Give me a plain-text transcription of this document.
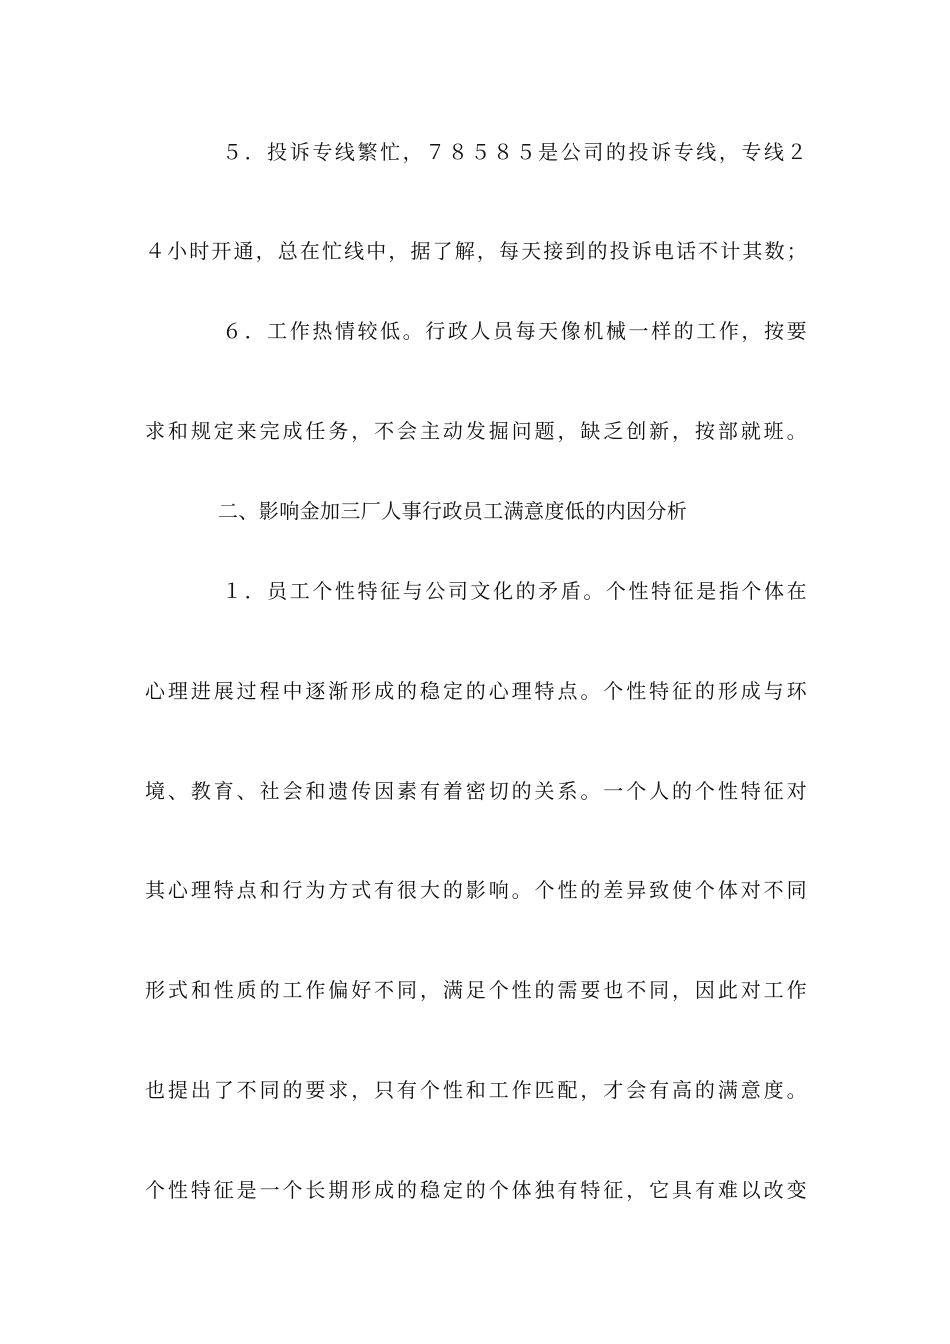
５．投诉专线繁忙，７８５８５是公司的投诉专线，专线２
４小时开通，总在忙线中，据了解，每天接到的投诉电话不计其数；
６．工作热情较低。行政人员每天像机械一样的工作，按要
求和规定来完成任务，不会主动发掘问题，缺乏创新，按部就班。
二、影响金加三厂人事行政员工满意度低的内因分析
１．员工个性特征与公司文化的矛盾。个性特征是指个体在
心理进展过程中逐渐形成的稳定的心理特点。个性特征的形成与环
境、教育、社会和遗传因素有着密切的关系。一个人的个性特征对
其心理特点和行为方式有很大的影响。个性的差异致使个体对不同
形式和性质的工作偏好不同，满足个性的需要也不同，因此对工作
也提出了不同的要求，只有个性和工作匹配，才会有高的满意度。
个性特征是一个长期形成的稳定的个体独有特征，它具有难以改变
